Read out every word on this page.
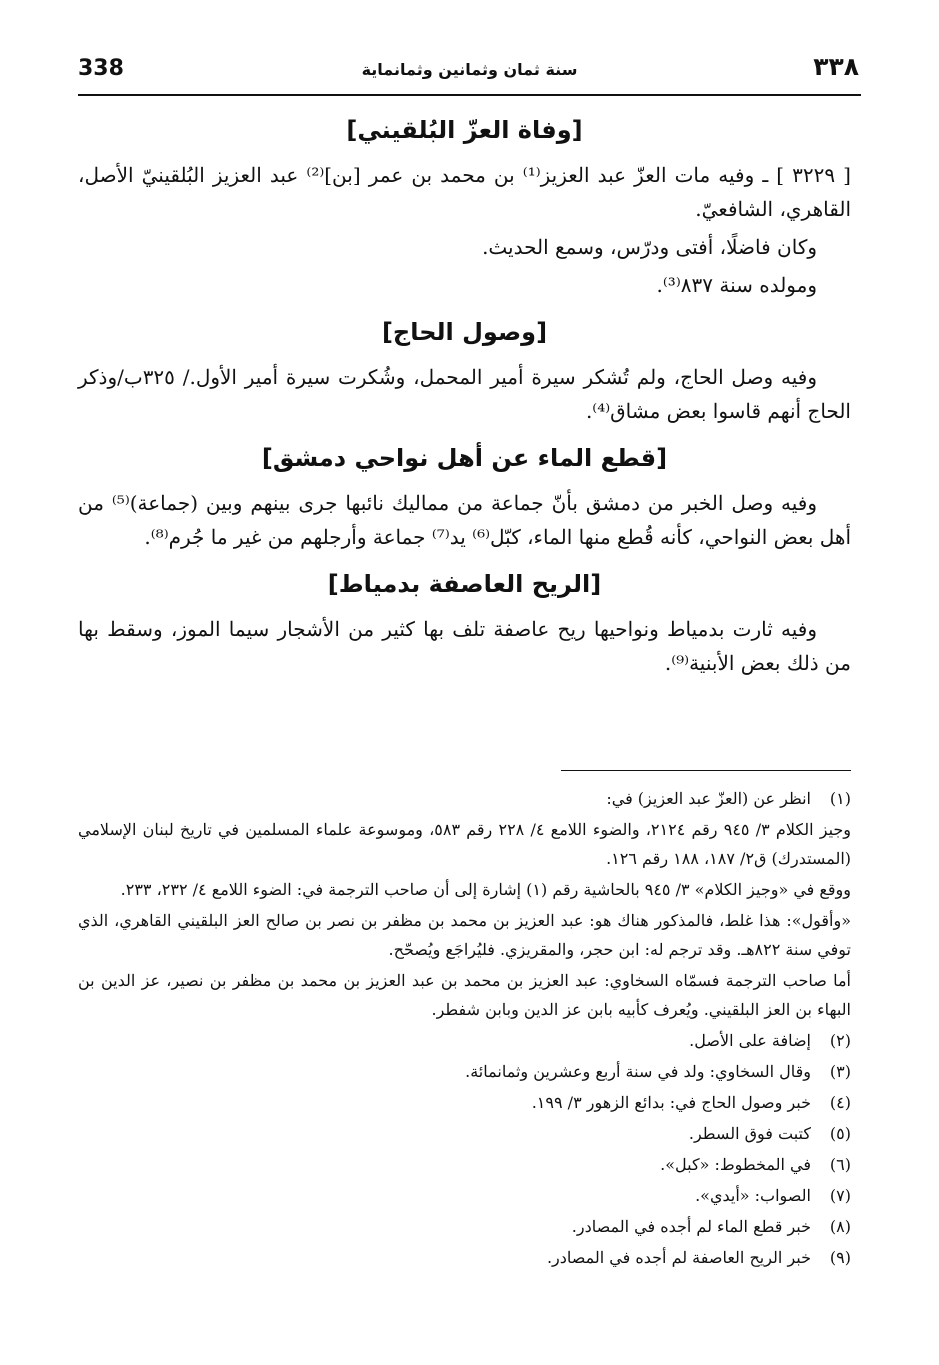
338	سنة ثمان وثمانين وثمانماية	٣٣٨
[وفاة العزّ البُلقيني]

[ ٣٢٢٩ ] ـ وفيه مات العزّ عبد العزيز⁽¹⁾ بن محمد بن عمر [بن]⁽²⁾ عبد العزيز البُلقينيّ الأصل، القاهري، الشافعيّ.

وكان فاضلًا، أفتى ودرّس، وسمع الحديث.

ومولده سنة ٨٣٧⁽³⁾.

[وصول الحاج]

وفيه وصل الحاج، ولم تُشكر سيرة أمير المحمل، وشُكرت سيرة أمير الأول./ ٣٢٥ب/وذكر الحاج أنهم قاسوا بعض مشاق⁽⁴⁾.

[قطع الماء عن أهل نواحي دمشق]

وفيه وصل الخبر من دمشق بأنّ جماعة من مماليك نائبها جرى بينهم وبين (جماعة)⁽⁵⁾ من أهل بعض النواحي، كأنه قُطع منها الماء، كبّل⁽⁶⁾ يد⁽⁷⁾ جماعة وأرجلهم من غير ما جُرم⁽⁸⁾.

[الريح العاصفة بدمياط]

وفيه ثارت بدمياط ونواحيها ريح عاصفة تلف بها كثير من الأشجار سيما الموز، وسقط بها من ذلك بعض الأبنية⁽⁹⁾.

(١)

انظر عن (العزّ عبد العزيز) في:

وجيز الكلام ٣/ ٩٤٥ رقم ٢١٢٤، والضوء اللامع ٤/ ٢٢٨ رقم ٥٨٣، وموسوعة علماء المسلمين في تاريخ لبنان الإسلامي (المستدرك) ق٢/ ١٨٧، ١٨٨ رقم ١٢٦.

ووقع في «وجيز الكلام» ٣/ ٩٤٥ بالحاشية رقم (١) إشارة إلى أن صاحب الترجمة في: الضوء اللامع ٤/ ٢٣٢، ٢٣٣.

«وأقول»: هذا غلط، فالمذكور هناك هو: عبد العزيز بن محمد بن مظفر بن نصر بن صالح العز البلقيني القاهري، الذي توفي سنة ٨٢٢هـ. وقد ترجم له: ابن حجر، والمقريزي. فليُراجَع ويُصحّح.

أما صاحب الترجمة فسمّاه السخاوي: عبد العزيز بن محمد بن عبد العزيز بن محمد بن مظفر بن نصير، عز الدين بن البهاء بن العز البلقيني. ويُعرف كأبيه بابن عز الدين وبابن شفطر.

(٢)

إضافة على الأصل.

(٣)

وقال السخاوي: ولد في سنة أربع وعشرين وثمانمائة.

(٤)

خبر وصول الحاج في: بدائع الزهور ٣/ ١٩٩.

(٥)

كتبت فوق السطر.

(٦)

في المخطوط: «كبل».

(٧)

الصواب: «أيدي».

(٨)

خبر قطع الماء لم أجده في المصادر.

(٩)

خبر الريح العاصفة لم أجده في المصادر.
